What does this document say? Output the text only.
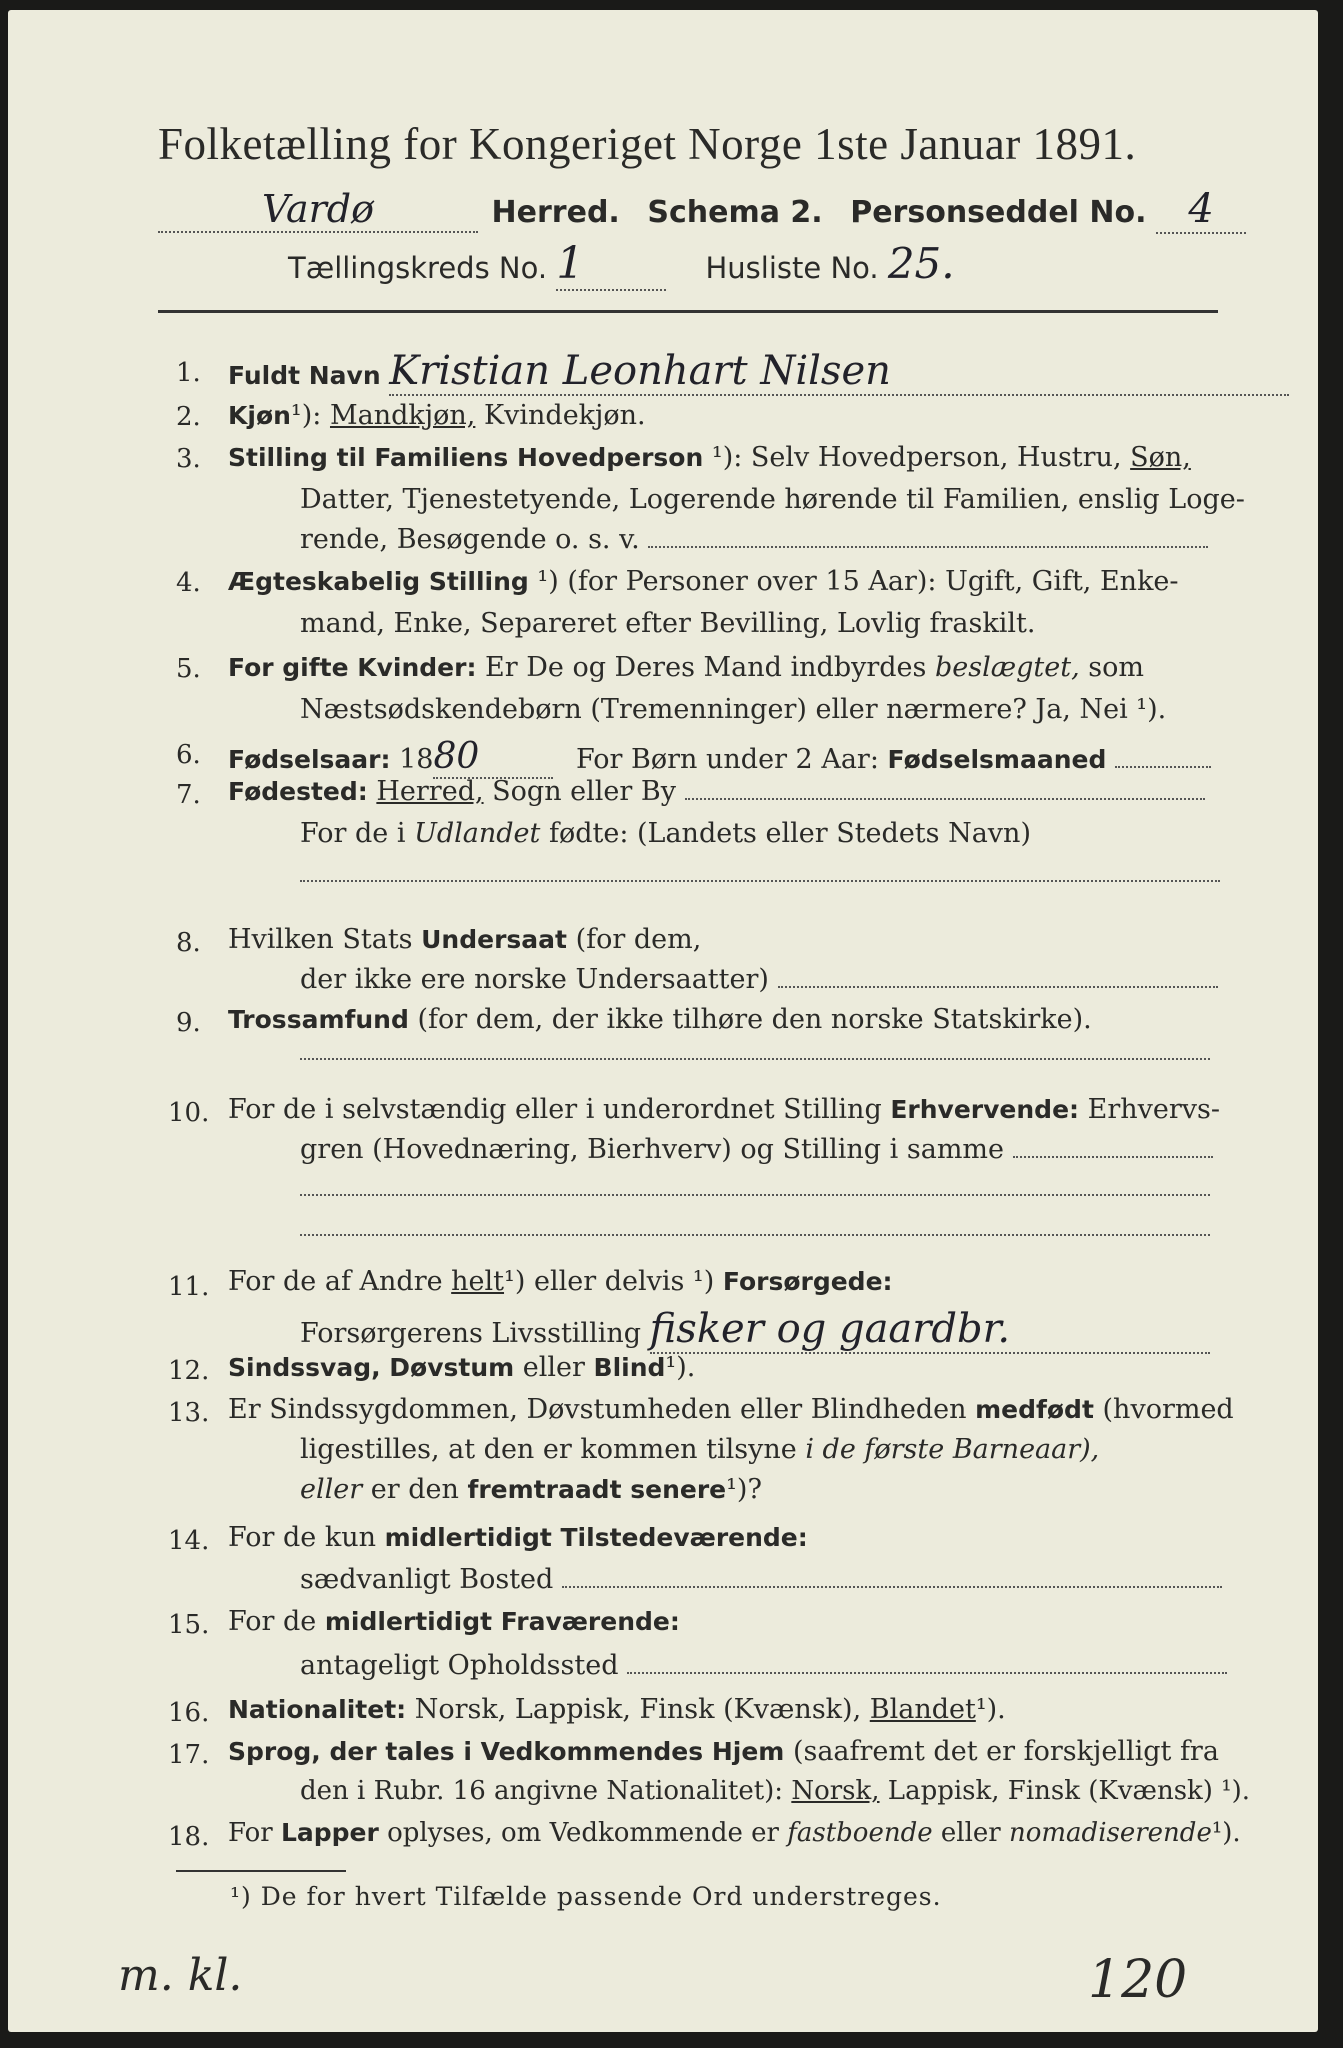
Folketælling for Kongeriget Norge 1ste Januar 1891.
Vardø	Herred. Schema 2. Personseddel No. 4
Tællingskreds No. 1	Husliste No. 25.
1. Fuldt Navn Kristian Leonhart Nilsen
2. Kjøn¹): Mandkjøn, Kvindekjøn.
3. Stilling til Familiens Hovedperson ¹): Selv Hovedperson, Hustru, Søn,
Datter, Tjenestetyende, Logerende hørende til Familien, enslig Loge-
rende, Besøgende o. s. v.
4. Ægteskabelig Stilling ¹) (for Personer over 15 Aar): Ugift, Gift, Enke-
mand, Enke, Separeret efter Bevilling, Lovlig fraskilt.
5. For gifte Kvinder: Er De og Deres Mand indbyrdes beslægtet, som
Næstsødskendebørn (Tremenninger) eller nærmere? Ja, Nei ¹).
6. Fødselsaar: 1880	For Børn under 2 Aar: Fødselsmaaned
7. Fødested: Herred, Sogn eller By
For de i Udlandet fødte: (Landets eller Stedets Navn)
8. Hvilken Stats Undersaat (for dem,
der ikke ere norske Undersaatter)
9. Trossamfund (for dem, der ikke tilhøre den norske Statskirke).
10. For de i selvstændig eller i underordnet Stilling Erhvervende: Erhvervs-
gren (Hovednæring, Bierhverv) og Stilling i samme
11. For de af Andre helt¹) eller delvis ¹) Forsørgede:
Forsørgerens Livsstilling fisker og gaardbr.
12. Sindssvag, Døvstum eller Blind¹).
13. Er Sindssygdommen, Døvstumheden eller Blindheden medfødt (hvormed
ligestilles, at den er kommen tilsyne i de første Barneaar),
eller er den fremtraadt senere¹)?
14. For de kun midlertidigt Tilstedeværende:
sædvanligt Bosted
15. For de midlertidigt Fraværende:
antageligt Opholdssted
16. Nationalitet: Norsk, Lappisk, Finsk (Kvænsk), Blandet¹).
17. Sprog, der tales i Vedkommendes Hjem (saafremt det er forskjelligt fra
den i Rubr. 16 angivne Nationalitet): Norsk, Lappisk, Finsk (Kvænsk) ¹).
18. For Lapper oplyses, om Vedkommende er fastboende eller nomadiserende¹).
¹) De for hvert Tilfælde passende Ord understreges.
m. kl.	120
